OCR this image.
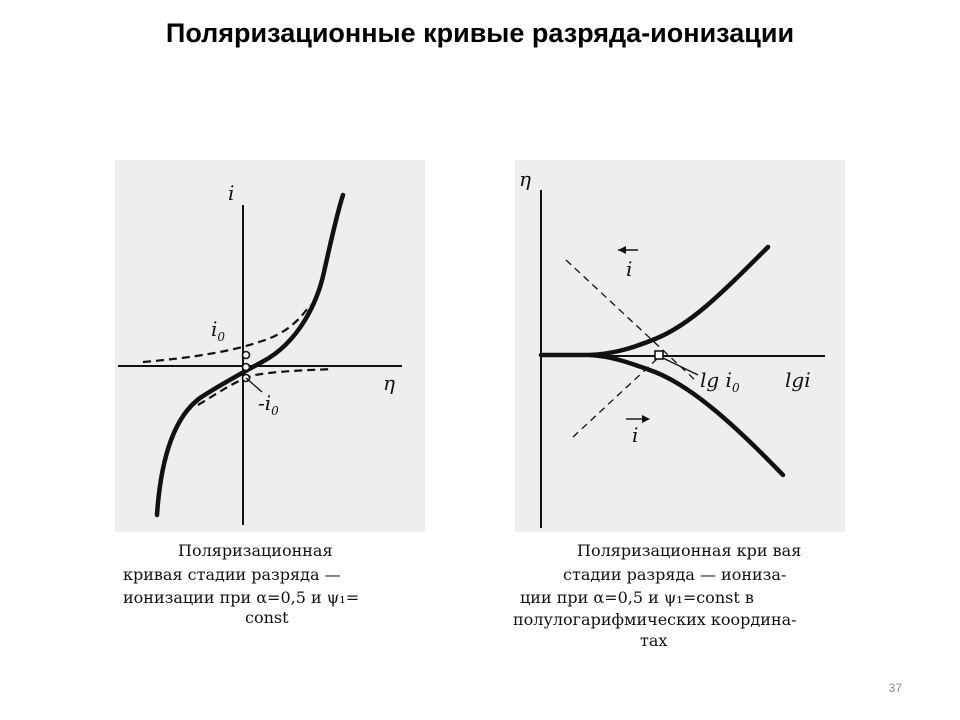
Поляризационные кривые разряда-ионизации
i
η
$i_0$
$-i_0$
Поляризационная
кривая стадии разряда —
ионизации при α=0,5 и ψ₁=
const
η
lgi
i
i
$\lg i_0$
Поляризационная кри вая
стадии разряда — иониза-
ции при α=0,5 и ψ₁=const в
полулогарифмических координа-
тах
37
